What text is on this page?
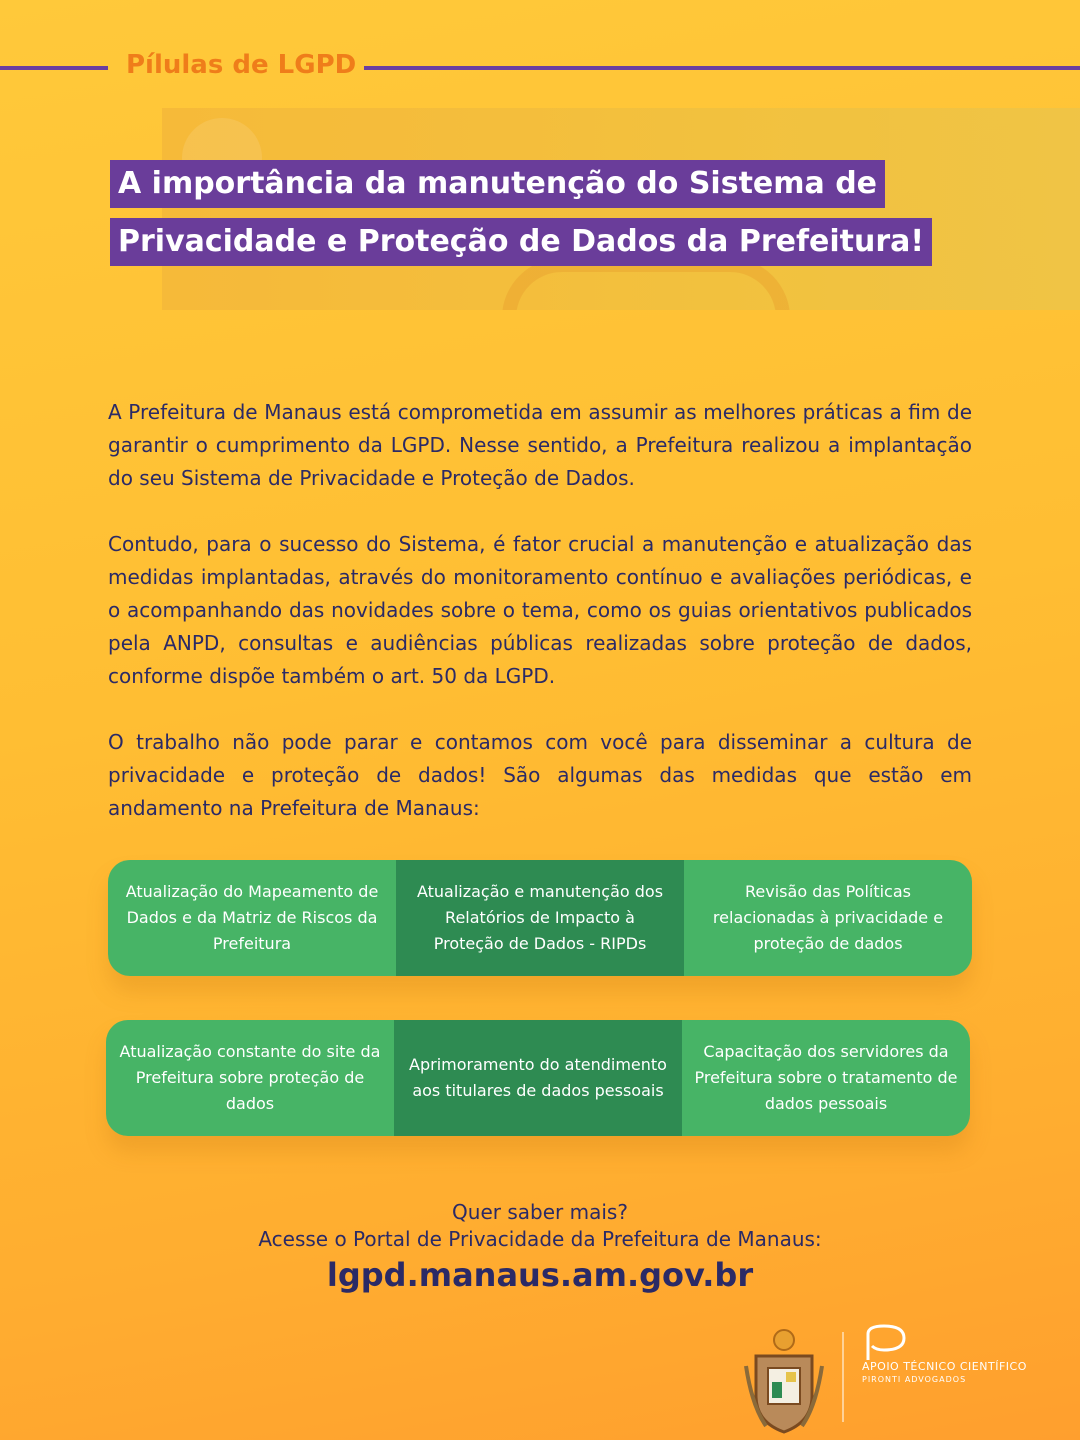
Pílulas de LGPD
A importância da manutenção do Sistema de
Privacidade e Proteção de Dados da Prefeitura!
A Prefeitura de Manaus está comprometida em assumir as melhores práticas a fim de garantir o cumprimento da LGPD. Nesse sentido, a Prefeitura realizou a implantação do seu Sistema de Privacidade e Proteção de Dados.
Contudo, para o sucesso do Sistema, é fator crucial a manutenção e atualização das medidas implantadas, através do monitoramento contínuo e avaliações periódicas, e o acompanhando das novidades sobre o tema, como os guias orientativos publicados pela ANPD, consultas e audiências públicas realizadas sobre proteção de dados, conforme dispõe também o art. 50 da LGPD.
O trabalho não pode parar e contamos com você para disseminar a cultura de privacidade e proteção de dados! São algumas das medidas que estão em andamento na Prefeitura de Manaus:
Atualização do Mapeamento de Dados e da Matriz de Riscos da Prefeitura
Atualização e manutenção dos Relatórios de Impacto à Proteção de Dados - RIPDs
Revisão das Políticas relacionadas à privacidade e proteção de dados
Atualização constante do site da Prefeitura sobre proteção de dados
Aprimoramento do atendimento aos titulares de dados pessoais
Capacitação dos servidores da Prefeitura sobre o tratamento de dados pessoais
Quer saber mais?
Acesse o Portal de Privacidade da Prefeitura de Manaus:
lgpd.manaus.am.gov.br
APOIO TÉCNICO CIENTÍFICO
PIRONTI ADVOGADOS
